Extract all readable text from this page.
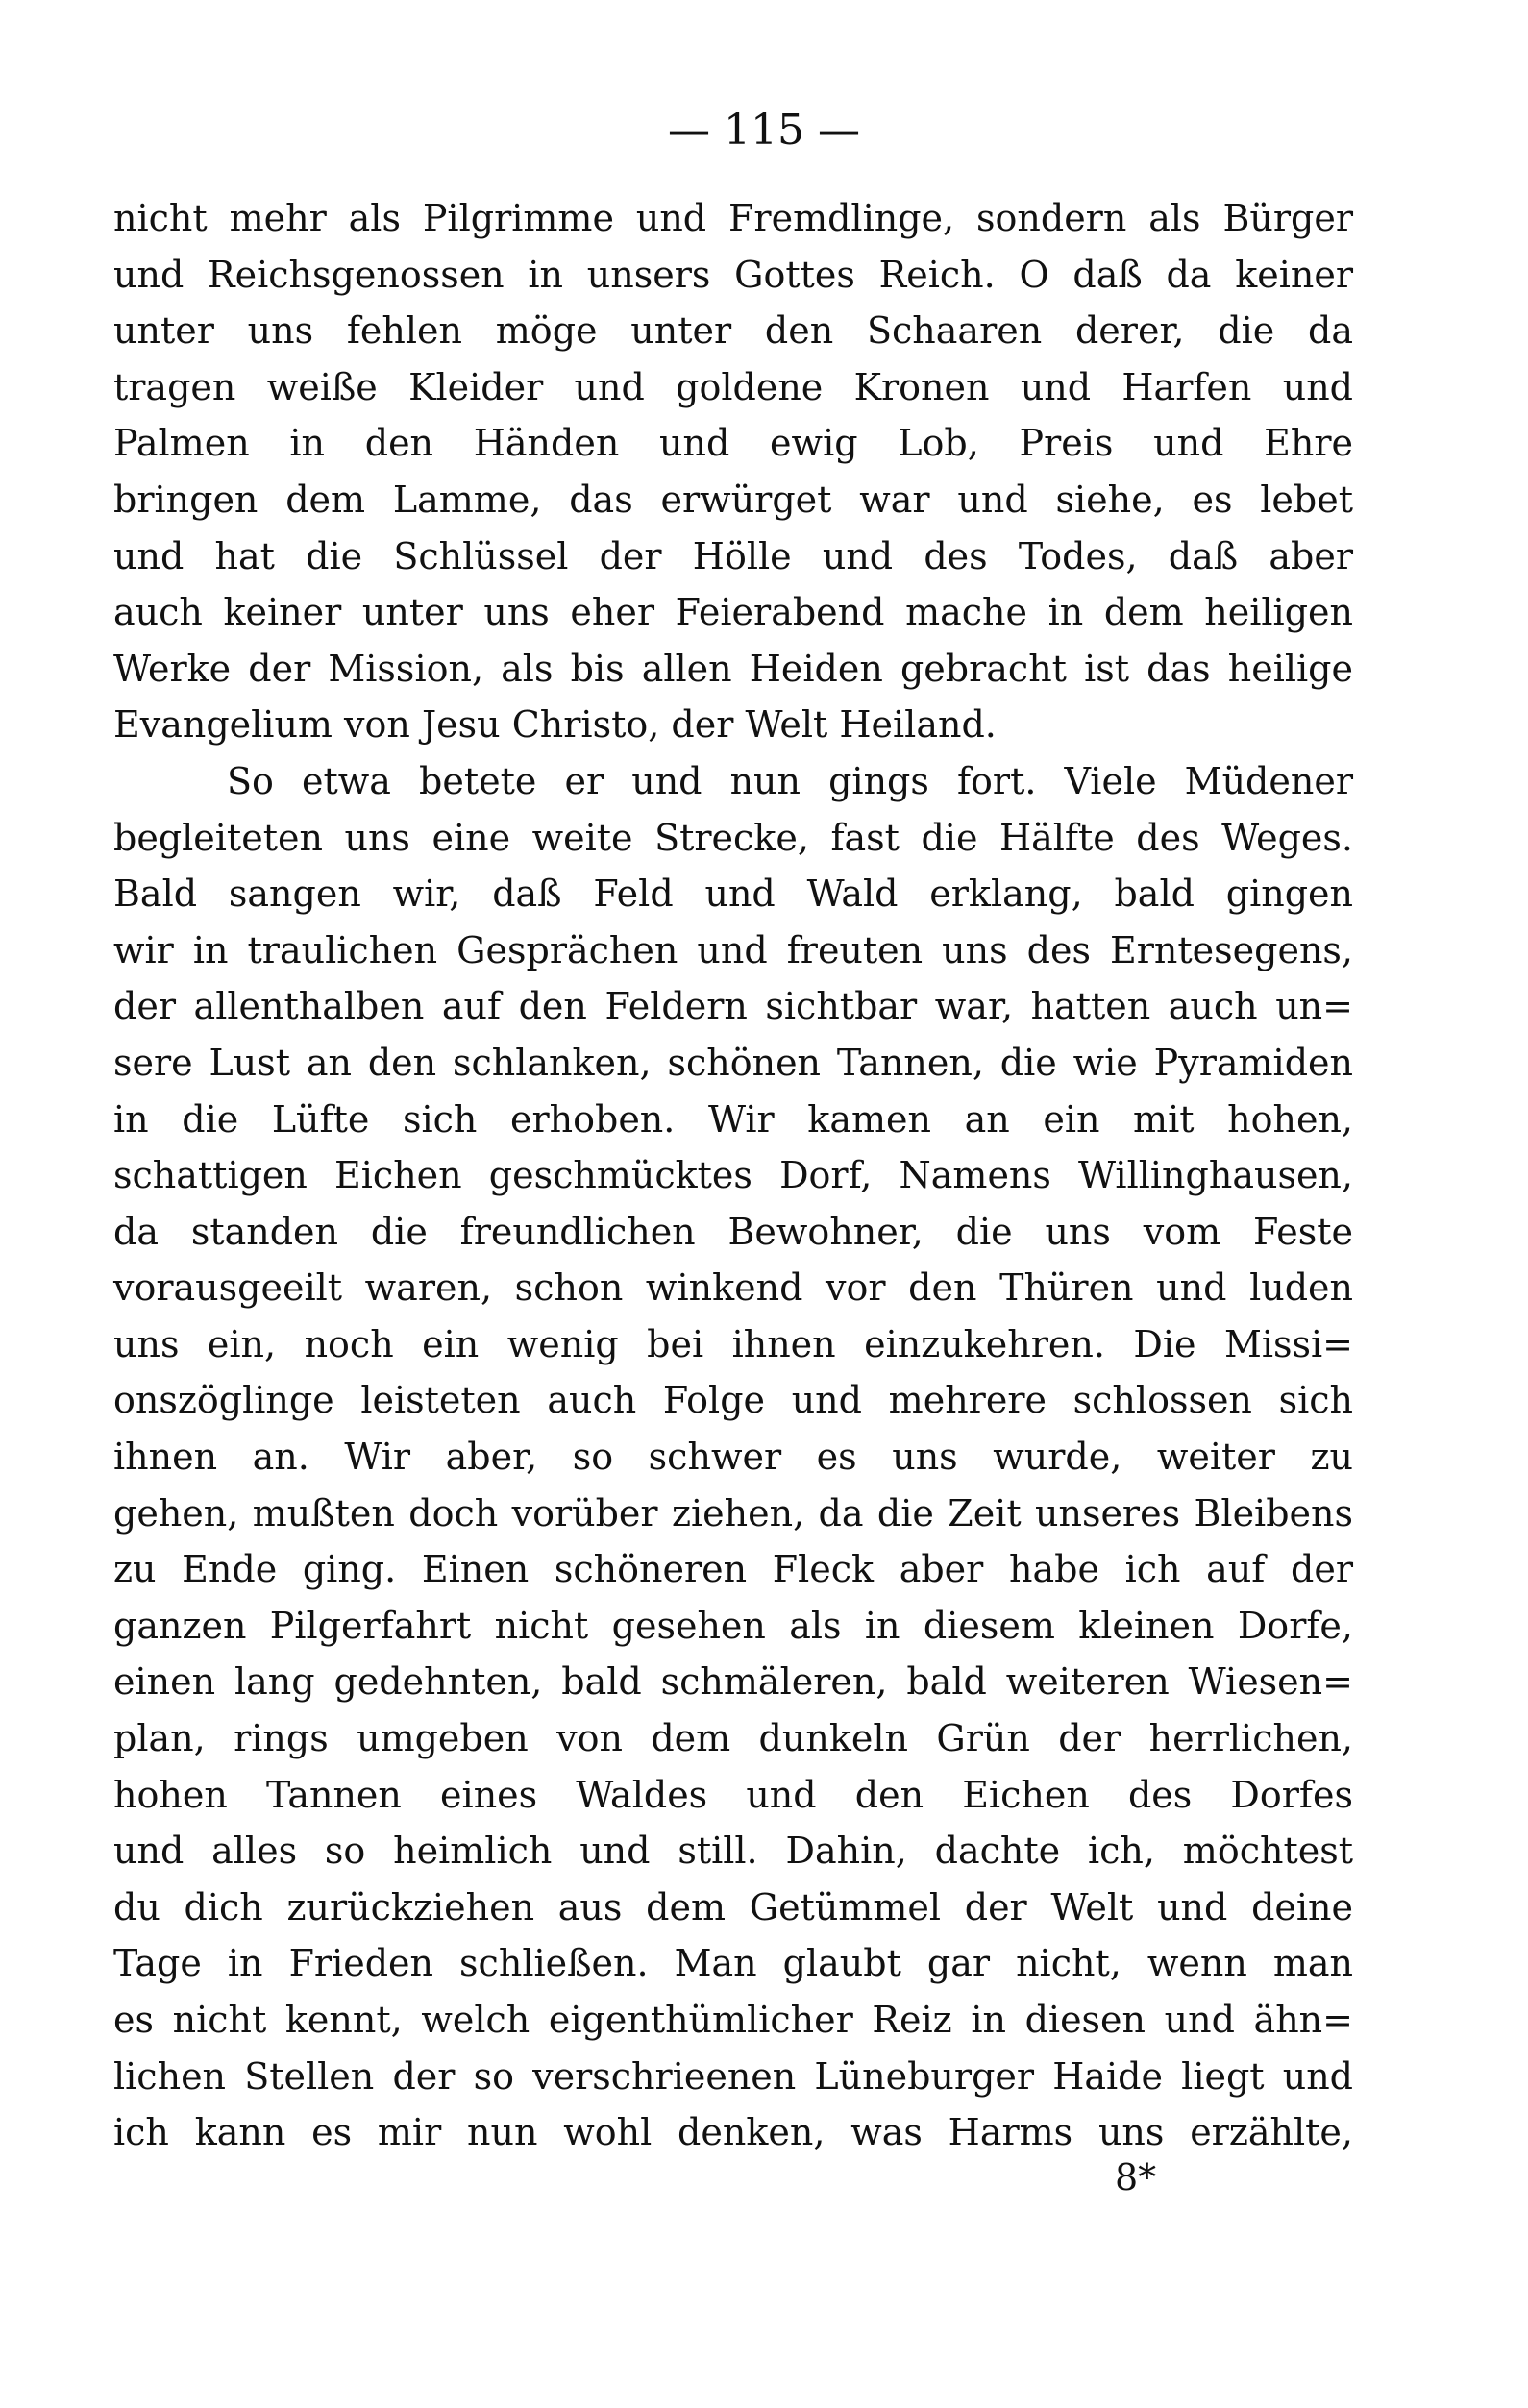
— 115 —
nicht mehr als Pilgrimme und Fremdlinge, sondern als Bürger
und Reichsgenossen in unsers Gottes Reich. O daß da keiner
unter uns fehlen möge unter den Schaaren derer, die da
tragen weiße Kleider und goldene Kronen und Harfen und
Palmen in den Händen und ewig Lob, Preis und Ehre
bringen dem Lamme, das erwürget war und siehe, es lebet
und hat die Schlüssel der Hölle und des Todes, daß aber
auch keiner unter uns eher Feierabend mache in dem heiligen
Werke der Mission, als bis allen Heiden gebracht ist das heilige
Evangelium von Jesu Christo, der Welt Heiland.
So etwa betete er und nun gings fort. Viele Müdener
begleiteten uns eine weite Strecke, fast die Hälfte des Weges.
Bald sangen wir, daß Feld und Wald erklang, bald gingen
wir in traulichen Gesprächen und freuten uns des Erntesegens,
der allenthalben auf den Feldern sichtbar war, hatten auch un=
sere Lust an den schlanken, schönen Tannen, die wie Pyramiden
in die Lüfte sich erhoben. Wir kamen an ein mit hohen,
schattigen Eichen geschmücktes Dorf, Namens Willinghausen,
da standen die freundlichen Bewohner, die uns vom Feste
vorausgeeilt waren, schon winkend vor den Thüren und luden
uns ein, noch ein wenig bei ihnen einzukehren. Die Missi=
onszöglinge leisteten auch Folge und mehrere schlossen sich
ihnen an. Wir aber, so schwer es uns wurde, weiter zu
gehen, mußten doch vorüber ziehen, da die Zeit unseres Bleibens
zu Ende ging. Einen schöneren Fleck aber habe ich auf der
ganzen Pilgerfahrt nicht gesehen als in diesem kleinen Dorfe,
einen lang gedehnten, bald schmäleren, bald weiteren Wiesen=
plan, rings umgeben von dem dunkeln Grün der herrlichen,
hohen Tannen eines Waldes und den Eichen des Dorfes
und alles so heimlich und still. Dahin, dachte ich, möchtest
du dich zurückziehen aus dem Getümmel der Welt und deine
Tage in Frieden schließen. Man glaubt gar nicht, wenn man
es nicht kennt, welch eigenthümlicher Reiz in diesen und ähn=
lichen Stellen der so verschrieenen Lüneburger Haide liegt und
ich kann es mir nun wohl denken, was Harms uns erzählte,
8*
